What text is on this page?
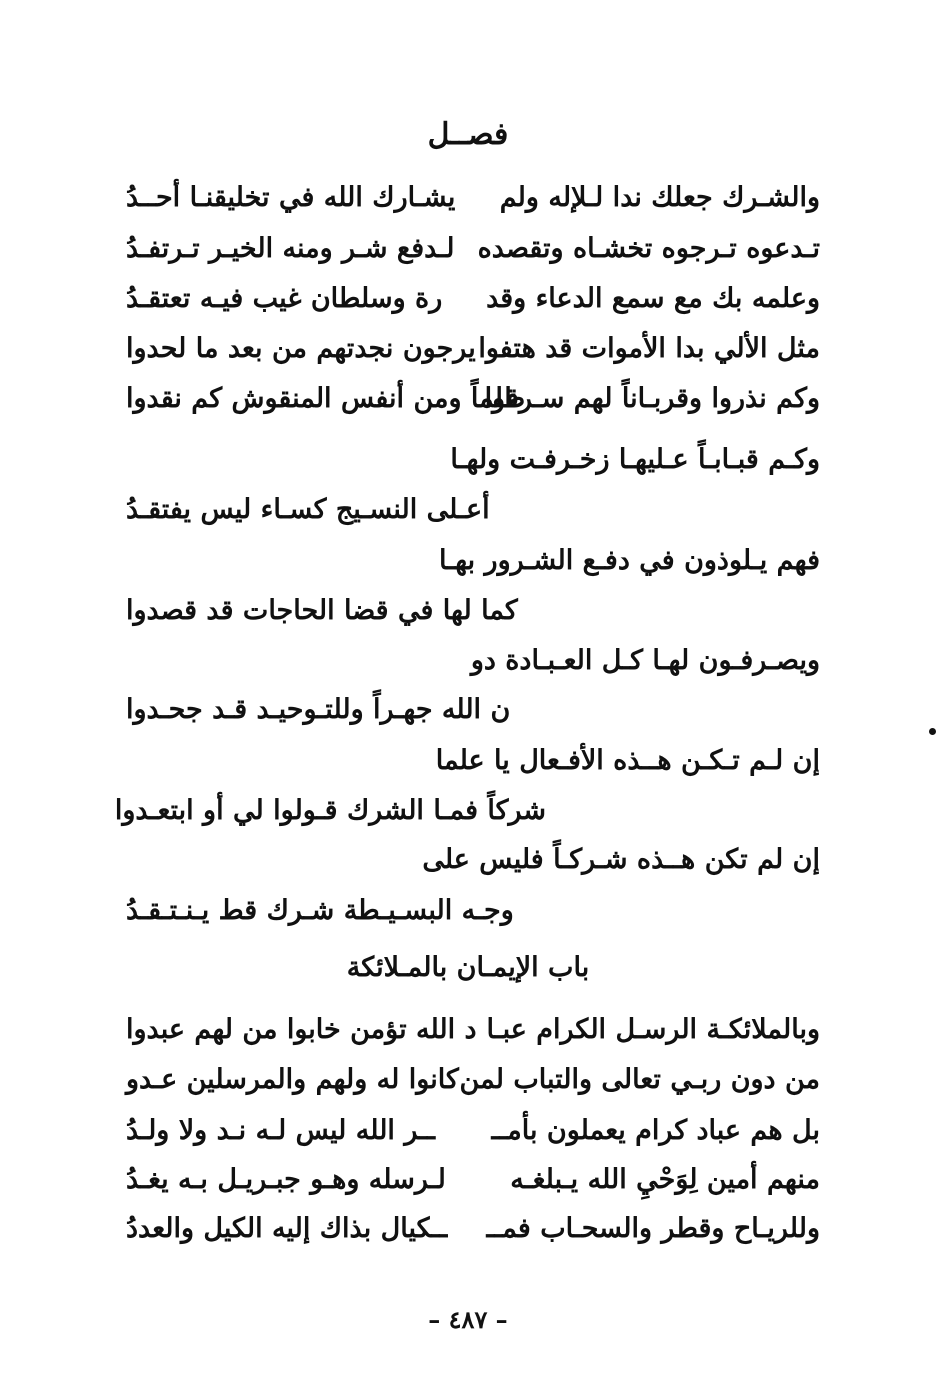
فصــل
والشـرك جعلك ندا لـلإله ولم
يشـارك الله في تخليقنـا أحــدُ
تـدعوه تـرجوه تخشـاه وتقصده
لـدفع شـر ومنه الخيـر تـرتفـدُ
وعلمه بك مع سمع الدعاء وقد
رة وسلطان غيب فيـه تعتقـدُ
مثل الألي بدا الأموات قد هتفوا
يرجون نجدتهم من بعد ما لحدوا
وكم نذروا وقربـاناً لهم سـرقوا
ظلماً ومن أنفس المنقوش كم نقدوا
وكـم قبـابـاً عـليهـا زخـرفـت ولهـا
أعـلى النسـيج كسـاء ليس يفتقـدُ
فهم يـلوذون في دفـع الشـرور بهـا
كما لها في قضا الحاجات قد قصدوا
ويصـرفـون لهـا كـل العـبـادة دو
ن الله جهـراً وللتـوحيـد قـد جحـدوا
إن لـم تـكـن هــذه الأفـعال يا علما
شركاً فمـا الشرك قـولوا لي أو ابتعـدوا
إن لم تكن هــذه شـركـاً فليس على
وجـه البسـيـطة شـرك قط يـنـتـقـدُ
باب الإيمـان بالمـلائكة
وبالملائكـة الرسـل الكرام عبـا
د الله تؤمن خابوا من لهم عبدوا
من دون ربـي تعالى والتباب لمن
كانوا له ولهم والمرسلين عـدو
بل هم عباد كرام يعملون بأمــ
ــر الله ليس لـه نـد ولا ولـدُ
منهم أمين لِوَحْيِ الله يـبلغـه
لـرسله وهـو جبـريـل بـه يغـدُ
وللريـاح وقطر والسحـاب فمــ
ــكيال بذاك إليه الكيل والعددُ
– ٤٨٧ –
